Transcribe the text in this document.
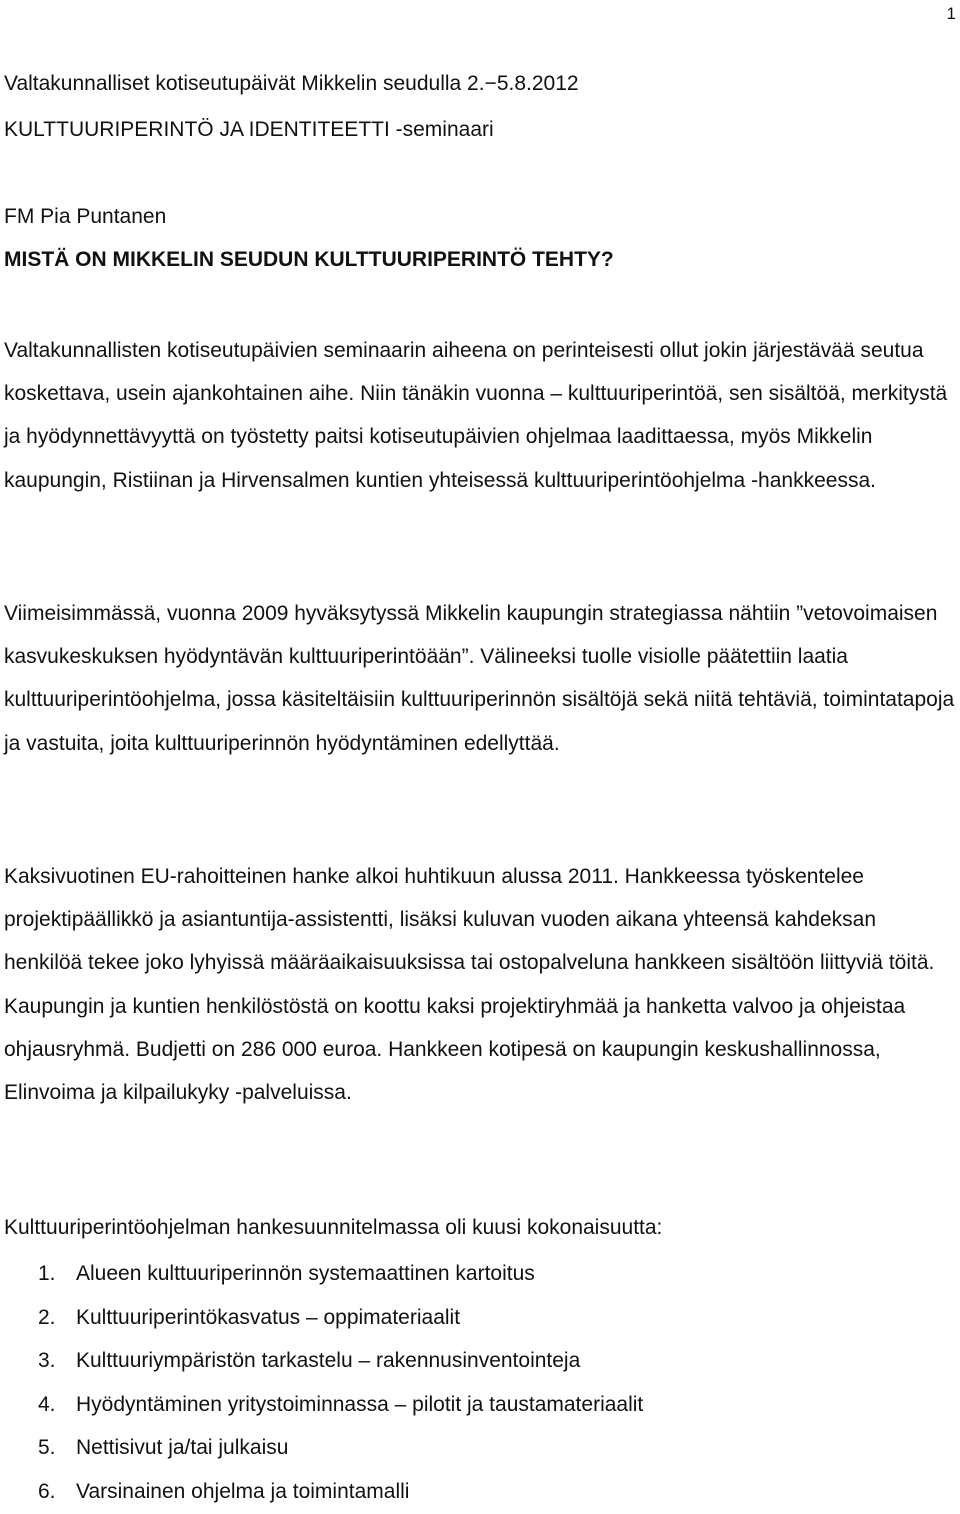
1
Valtakunnalliset kotiseutupäivät Mikkelin seudulla 2.−5.8.2012
KULTTUURIPERINTÖ JA IDENTITEETTI -seminaari
FM Pia Puntanen
MISTÄ ON MIKKELIN SEUDUN KULTTUURIPERINTÖ TEHTY?

Valtakunnallisten kotiseutupäivien seminaarin aiheena on perinteisesti ollut jokin järjestävää seutua koskettava, usein ajankohtainen aihe. Niin tänäkin vuonna – kulttuuriperintöä, sen sisältöä, merkitystä ja hyödynnettävyyttä on työstetty paitsi kotiseutupäivien ohjelmaa laadittaessa, myös Mikkelin kaupungin, Ristiinan ja Hirvensalmen kuntien yhteisessä kulttuuriperintöohjelma -hankkeessa.

Viimeisimmässä, vuonna 2009 hyväksytyssä Mikkelin kaupungin strategiassa nähtiin ”vetovoimaisen kasvukeskuksen hyödyntävän kulttuuriperintöään”. Välineeksi tuolle visiolle päätettiin laatia kulttuuriperintöohjelma, jossa käsiteltäisiin kulttuuriperinnön sisältöjä sekä niitä tehtäviä, toimintatapoja ja vastuita, joita kulttuuriperinnön hyödyntäminen edellyttää.

Kaksivuotinen EU-rahoitteinen hanke alkoi huhtikuun alussa 2011. Hankkeessa työskentelee projektipäällikkö ja asiantuntija-assistentti, lisäksi kuluvan vuoden aikana yhteensä kahdeksan henkilöä tekee joko lyhyissä määräaikaisuuksissa tai ostopalveluna hankkeen sisältöön liittyviä töitä. Kaupungin ja kuntien henkilöstöstä on koottu kaksi projektiryhmää ja hanketta valvoo ja ohjeistaa ohjausryhmä. Budjetti on 286 000 euroa. Hankkeen kotipesä on kaupungin keskushallinnossa, Elinvoima ja kilpailukyky -palveluissa.

Kulttuuriperintöohjelman hankesuunnitelmassa oli kuusi kokonaisuutta:

1. Alueen kulttuuriperinnön systemaattinen kartoitus
2. Kulttuuriperintökasvatus – oppimateriaalit
3. Kulttuuriympäristön tarkastelu – rakennusinventointeja
4. Hyödyntäminen yritystoiminnassa – pilotit ja taustamateriaalit
5. Nettisivut ja/tai julkaisu
6. Varsinainen ohjelma ja toimintamalli
